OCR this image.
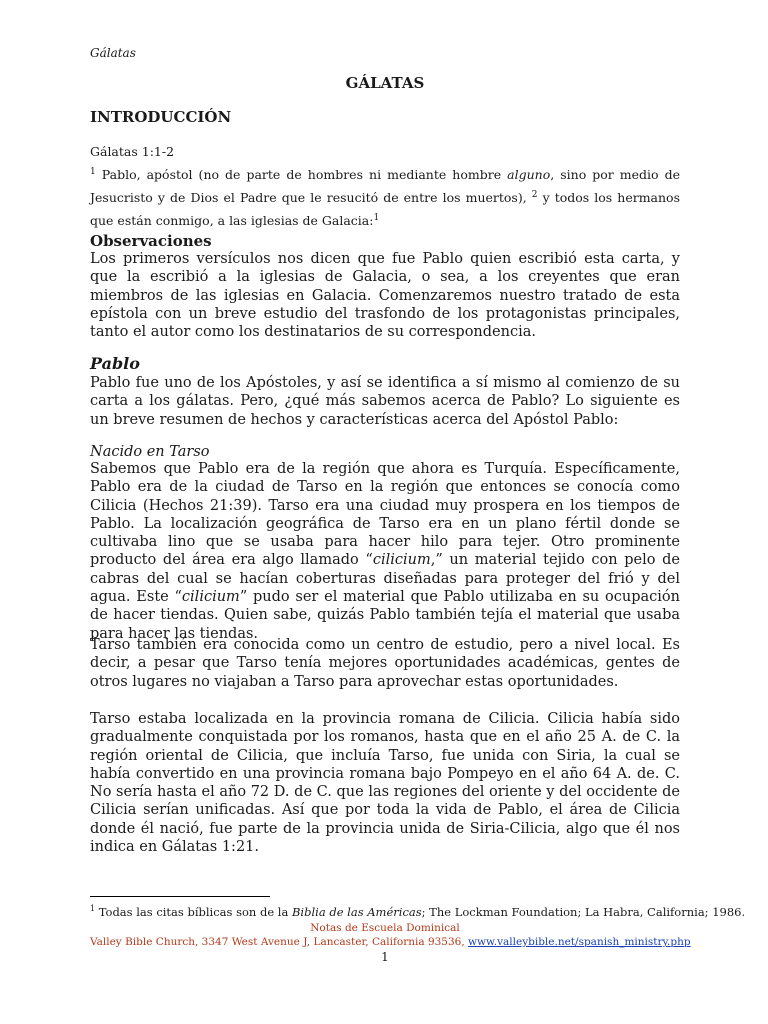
Gálatas
GÁLATAS
INTRODUCCIÓN
Gálatas 1:1-2
$^1$ Pablo, apóstol (no de parte de hombres ni mediante hombre alguno, sino por medio de Jesucristo y de Dios el Padre que le resucitó de entre los muertos), $^2$ y todos los hermanos que están conmigo, a las iglesias de Galacia:$^1$
Observaciones
Los primeros versículos nos dicen que fue Pablo quien escribió esta carta, y que la escribió a la iglesias de Galacia, o sea, a los creyentes que eran miembros de las iglesias en Galacia. Comenzaremos nuestro tratado de esta epístola con un breve estudio del trasfondo de los protagonistas principales, tanto el autor como los destinatarios de su correspondencia.
Pablo
Pablo fue uno de los Apóstoles, y así se identifica a sí mismo al comienzo de su carta a los gálatas. Pero, ¿qué más sabemos acerca de Pablo? Lo siguiente es un breve resumen de hechos y características acerca del Apóstol Pablo:
Nacido en Tarso
Sabemos que Pablo era de la región que ahora es Turquía. Específicamente, Pablo era de la ciudad de Tarso en la región que entonces se conocía como Cilicia (Hechos 21:39). Tarso era una ciudad muy prospera en los tiempos de Pablo. La localización geográfica de Tarso era en un plano fértil donde se cultivaba lino que se usaba para hacer hilo para tejer. Otro prominente producto del área era algo llamado “cilicium,” un material tejido con pelo de cabras del cual se hacían coberturas diseñadas para proteger del frió y del agua. Este “cilicium” pudo ser el material que Pablo utilizaba en su ocupación de hacer tiendas. Quien sabe, quizás Pablo también tejía el material que usaba para hacer las tiendas.
Tarso también era conocida como un centro de estudio, pero a nivel local. Es decir, a pesar que Tarso tenía mejores oportunidades académicas, gentes de otros lugares no viajaban a Tarso para aprovechar estas oportunidades.
Tarso estaba localizada en la provincia romana de Cilicia. Cilicia había sido gradualmente conquistada por los romanos, hasta que en el año 25 A. de C. la región oriental de Cilicia, que incluía Tarso, fue unida con Siria, la cual se había convertido en una provincia romana bajo Pompeyo en el año 64 A. de. C. No sería hasta el año 72 D. de C. que las regiones del oriente y del occidente de Cilicia serían unificadas. Así que por toda la vida de Pablo, el área de Cilicia donde él nació, fue parte de la provincia unida de Siria-Cilicia, algo que él nos indica en Gálatas 1:21.
$^1$ Todas las citas bíblicas son de la Biblia de las Américas; The Lockman Foundation; La Habra, California; 1986.
Notas de Escuela Dominical
Valley Bible Church, 3347 West Avenue J, Lancaster, California 93536, www.valleybible.net/spanish_ministry.php
1
